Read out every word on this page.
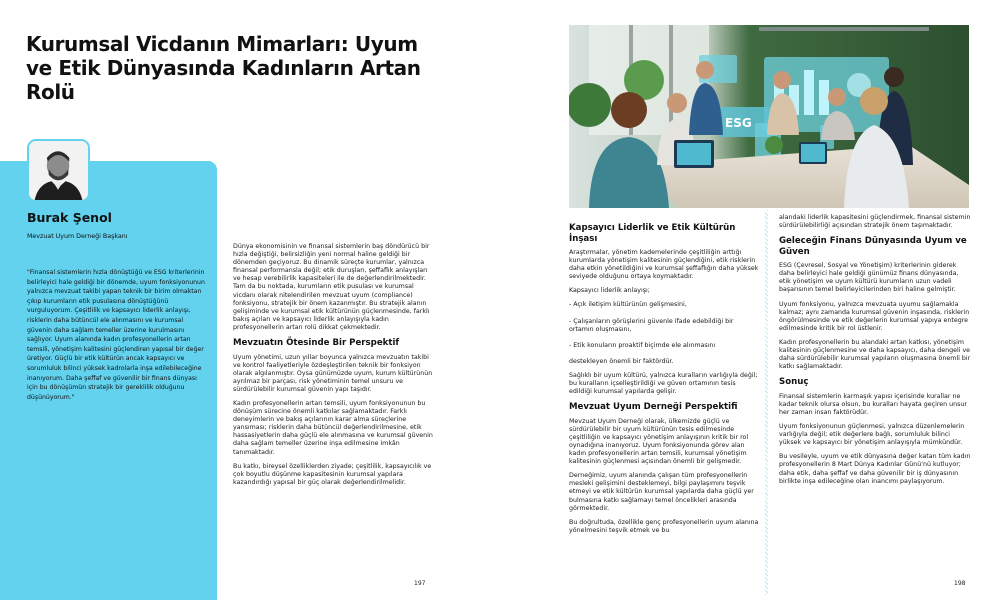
Kurumsal Vicdanın Mimarları: Uyum ve Etik Dünyasında Kadınların Artan Rolü
Burak Şenol
Mevzuat Uyum Derneği Başkanı

"Finansal sistemlerin hızla dönüştüğü ve ESG kriterlerinin belirleyici hale geldiği bir dönemde, uyum fonksiyonunun yalnızca mevzuat takibi yapan teknik bir birim olmaktan çıkıp kurumların etik pusulasına dönüştüğünü vurguluyorum. Çeşitlilik ve kapsayıcı liderlik anlayışı, risklerin daha bütüncül ele alınmasını ve kurumsal güvenin daha sağlam temeller üzerine kurulmasını sağlıyor. Uyum alanında kadın profesyonellerin artan temsili, yönetişim kalitesini güçlendiren yapısal bir değer üretiyor. Güçlü bir etik kültürün ancak kapsayıcı ve sorumluluk bilinci yüksek kadrolarla inşa edilebileceğine inanıyorum. Daha şeffaf ve güvenilir bir finans dünyası için bu dönüşümün stratejik bir gereklilik olduğunu düşünüyorum."

Dünya ekonomisinin ve finansal sistemlerin baş döndürücü bir hızla değiştiği, belirsizliğin yeni normal haline geldiği bir dönemden geçiyoruz. Bu dinamik süreçte kurumlar, yalnızca finansal performansla değil; etik duruşları, şeffaflık anlayışları ve hesap verebilirlik kapasiteleri ile de değerlendirilmektedir. Tam da bu noktada, kurumların etik pusulası ve kurumsal vicdanı olarak nitelendirilen mevzuat uyum (compliance) fonksiyonu, stratejik bir önem kazanmıştır. Bu stratejik alanın gelişiminde ve kurumsal etik kültürünün güçlenmesinde, farklı bakış açıları ve kapsayıcı liderlik anlayışıyla kadın profesyonellerin artan rolü dikkat çekmektedir.

Mevzuatın Ötesinde Bir Perspektif

Uyum yönetimi, uzun yıllar boyunca yalnızca mevzuatın takibi ve kontrol faaliyetleriyle özdeşleştirilen teknik bir fonksiyon olarak algılanmıştır. Oysa günümüzde uyum, kurum kültürünün ayrılmaz bir parçası, risk yönetiminin temel unsuru ve sürdürülebilir kurumsal güvenin yapı taşıdır.

Kadın profesyonellerin artan temsili, uyum fonksiyonunun bu dönüşüm sürecine önemli katkılar sağlamaktadır. Farklı deneyimlerin ve bakış açılarının karar alma süreçlerine yansıması; risklerin daha bütüncül değerlendirilmesine, etik hassasiyetlerin daha güçlü ele alınmasına ve kurumsal güvenin daha sağlam temeller üzerine inşa edilmesine imkân tanımaktadır.

Bu katkı, bireysel özelliklerden ziyade; çeşitlilik, kapsayıcılık ve çok boyutlu düşünme kapasitesinin kurumsal yapılara kazandırdığı yapısal bir güç olarak değerlendirilmelidir.

197
ESG
Kapsayıcı Liderlik ve Etik Kültürün İnşası

Araştırmalar, yönetim kademelerinde çeşitliliğin arttığı kurumlarda yönetişim kalitesinin güçlendiğini, etik risklerin daha etkin yönetildiğini ve kurumsal şeffaflığın daha yüksek seviyede olduğunu ortaya koymaktadır.

Kapsayıcı liderlik anlayışı;

- Açık iletişim kültürünün gelişmesini,
- Çalışanların görüşlerini güvenle ifade edebildiği bir ortamın oluşmasını,
- Etik konuların proaktif biçimde ele alınmasını

destekleyen önemli bir faktördür.

Sağlıklı bir uyum kültürü, yalnızca kuralların varlığıyla değil; bu kuralların içselleştirildiği ve güven ortamının tesis edildiği kurumsal yapılarda gelişir.

Mevzuat Uyum Derneği Perspektifi

Mevzuat Uyum Derneği olarak, ülkemizde güçlü ve sürdürülebilir bir uyum kültürünün tesis edilmesinde çeşitliliğin ve kapsayıcı yönetişim anlayışının kritik bir rol oynadığına inanıyoruz. Uyum fonksiyonunda görev alan kadın profesyonellerin artan temsili, kurumsal yönetişim kalitesinin güçlenmesi açısından önemli bir gelişmedir.

Derneğimiz, uyum alanında çalışan tüm profesyonellerin mesleki gelişimini desteklemeyi, bilgi paylaşımını teşvik etmeyi ve etik kültürün kurumsal yapılarda daha güçlü yer bulmasına katkı sağlamayı temel öncelikleri arasında görmektedir.

Bu doğrultuda, özellikle genç profesyonellerin uyum alanına yönelmesini teşvik etmek ve bu

alandaki liderlik kapasitesini güçlendirmek, finansal sistemin sürdürülebilirliği açısından stratejik önem taşımaktadır.

Geleceğin Finans Dünyasında Uyum ve Güven

ESG (Çevresel, Sosyal ve Yönetişim) kriterlerinin giderek daha belirleyici hale geldiği günümüz finans dünyasında, etik yönetişim ve uyum kültürü kurumların uzun vadeli başarısının temel belirleyicilerinden biri haline gelmiştir.

Uyum fonksiyonu, yalnızca mevzuata uyumu sağlamakla kalmaz; aynı zamanda kurumsal güvenin inşasında, risklerin öngörülmesinde ve etik değerlerin kurumsal yapıya entegre edilmesinde kritik bir rol üstlenir.

Kadın profesyonellerin bu alandaki artan katkısı, yönetişim kalitesinin güçlenmesine ve daha kapsayıcı, daha dengeli ve daha sürdürülebilir kurumsal yapıların oluşmasına önemli bir katkı sağlamaktadır.

Sonuç

Finansal sistemlerin karmaşık yapısı içerisinde kurallar ne kadar teknik olursa olsun, bu kuralları hayata geçiren unsur her zaman insan faktörüdür.

Uyum fonksiyonunun güçlenmesi, yalnızca düzenlemelerin varlığıyla değil; etik değerlere bağlı, sorumluluk bilinci yüksek ve kapsayıcı bir yönetişim anlayışıyla mümkündür.

Bu vesileyle, uyum ve etik dünyasına değer katan tüm kadın profesyonellerin 8 Mart Dünya Kadınlar Günü'nü kutluyor; daha etik, daha şeffaf ve daha güvenilir bir iş dünyasının birlikte inşa edileceğine olan inancımı paylaşıyorum.

198
